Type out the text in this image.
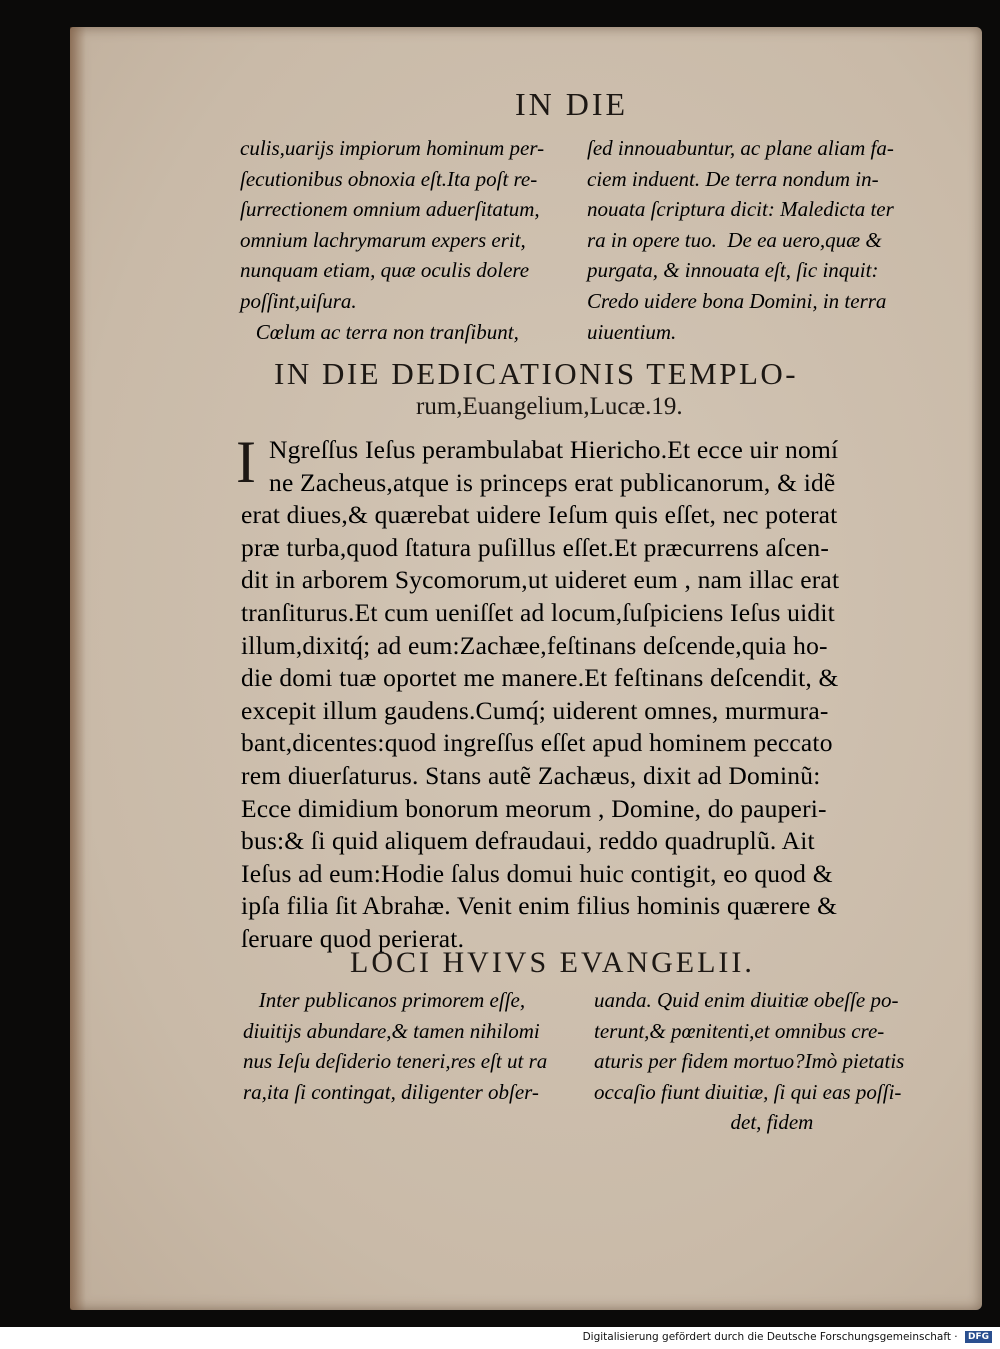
IN DIE
culis,uarijs impiorum hominum per-
ſecutionibus obnoxia eſt.Ita poſt re-
ſurrectionem omnium aduerſitatum,
omnium lachrymarum expers erit,
nunquam etiam, quæ oculis dolere
poſſint,uiſura.
Cœlum ac terra non tranſibunt,
ſed innouabuntur, ac plane aliam fa-
ciem induent. De terra nondum in-
nouata ſcriptura dicit: Maledicta ter
ra in opere tuo.  De ea uero,quæ &
purgata, & innouata eſt, ſic inquit:
Credo uidere bona Domini, in terra
uiuentium.
IN DIE DEDICATIONIS TEMPLO-
rum,Euangelium,Lucæ.19.
I Ngreſſus Ieſus perambulabat Hiericho.Et ecce uir nomí
ne Zacheus,atque is princeps erat publicanorum, & idẽ
erat diues,& quærebat uidere Ieſum quis eſſet, nec poterat
præ turba,quod ſtatura puſillus eſſet.Et præcurrens aſcen-
dit in arborem Sycomorum,ut uideret eum , nam illac erat
tranſiturus.Et cum ueniſſet ad locum,ſuſpiciens Ieſus uidit
illum,dixitq́; ad eum:Zachæe,feſtinans deſcende,quia ho-
die domi tuæ oportet me manere.Et feſtinans deſcendit, &
excepit illum gaudens.Cumq́; uiderent omnes, murmura-
bant,dicentes:quod ingreſſus eſſet apud hominem peccato
rem diuerſaturus. Stans autẽ Zachæus, dixit ad Dominũ:
Ecce dimidium bonorum meorum , Domine, do pauperi-
bus:& ſi quid aliquem defraudaui, reddo quadruplũ. Ait
Ieſus ad eum:Hodie ſalus domui huic contigit, eo quod &
ipſa filia ſit Abrahæ. Venit enim filius hominis quærere &
ſeruare quod perierat.
LOCI HVIVS EVANGELII.
Inter publicanos primorem eſſe,
diuitijs abundare,& tamen nihilomi
nus Ieſu deſiderio teneri,res eſt ut ra
ra,ita ſi contingat, diligenter obſer-
uanda. Quid enim diuitiæ obeſſe po-
terunt,& pœnitenti,et omnibus cre-
aturis per fidem mortuo?Imò pietatis
occaſio fiunt diuitiæ, ſi qui eas poſſi-
det, fidem
Digitalisierung gefördert durch die Deutsche Forschungsgemeinschaft · DFG
